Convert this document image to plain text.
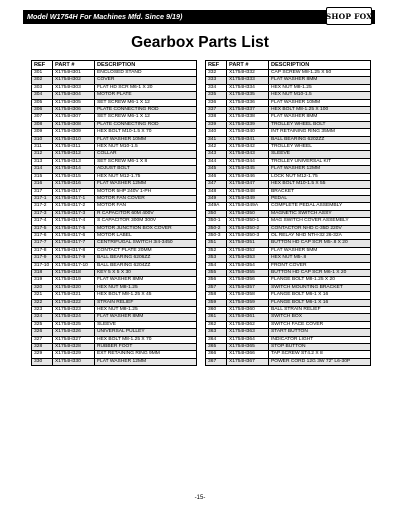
Model W1754H For Machines Mfd. Since 9/19)	SHOP FOX
Gearbox Parts List
REF	PART #	DESCRIPTION
301	X1754H301	ENCLOSED STAND
302	X1754H302	COVER
303	X1754H303	FLAT HD SCR M6-1 X 20
304	X1754H304	MOTOR PLATE
305	X1754H305	SET SCREW M6-1 X 12
306	X1754H306	PLATE CONNECTING ROD
307	X1754H307	SET SCREW M6-1 X 12
308	X1754H308	PLATE CONNECTING ROD
309	X1754H309	HEX BOLT M10-1.5 X 70
310	X1754H310	FLAT WASHER 10MM
311	X1754H311	HEX NUT M10-1.5
312	X1754H312	COLLAR
313	X1754H313	SET SCREW M6-1 X 8
314	X1754H314	ADJUST BOLT
315	X1754H315	HEX NUT M12-1.75
316	X1754H316	FLAT WASHER 12MM
317	X1754H317	MOTOR 5HP 240V 1-PH
317-1	X1754H317-1	MOTOR FAN COVER
317-2	X1754H317-2	MOTOR FAN
317-3	X1754H317-3	R CAPACITOR 60M 400V
317-4	X1754H317-4	S CAPACITOR 300M 300V
317-5	X1754H317-5	MOTOR JUNCTION BOX COVER
317-6	X1754H317-6	MOTOR LABEL
317-7	X1754H317-7	CENTRIFUGAL SWITCH 3/4-3450
317-8	X1754H317-8	CONTACT PLATE 20MM
317-9	X1754H317-9	BALL BEARING 6206ZZ
317-10	X1754H317-10	BALL BEARING 6204ZZ
318	X1754H318	KEY 5 X 5 X 30
319	X1754H319	FLAT WASHER 8MM
320	X1754H320	HEX NUT M8-1.25
321	X1754H321	HEX BOLT M8-1.25 X 45
322	X1754H322	STRAIN RELIEF
323	X1754H323	HEX NUT M8-1.25
324	X1754H324	FLAT WASHER 8MM
325	X1754H325	SLEEVE
326	X1754H326	UNIVERSAL PULLEY
327	X1754H327	HEX BOLT M8-1.25 X 70
328	X1754H328	RUBBER FOOT
329	X1754H329	EXT RETAINING RING 9MM
330	X1754H330	FLAT WASHER 12MM
REF	PART #	DESCRIPTION
332	X1754H332	CAP SCREW M8-1.25 X 50
333	X1754H333	FLAT WASHER 8MM
334	X1754H334	HEX NUT M8-1.25
335	X1754H335	HEX NUT M10-1.5
336	X1754H336	FLAT WASHER 10MM
337	X1754H337	HEX BOLT M8-1.25 X 100
338	X1754H338	FLAT WASHER 8MM
339	X1754H339	TROLLEY WHEEL BOLT
340	X1754H340	INT RETAINING RING 35MM
341	X1754H341	BALL BEARING 6202ZZ
342	X1754H342	TROLLEY WHEEL
343	X1754H343	SLEEVE
344	X1754H344	TROLLEY UNIVERSAL KIT
345	X1754H345	FLAT WASHER 12MM
346	X1754H346	LOCK NUT M12-1.75
347	X1754H347	HEX BOLT M10-1.5 X 55
348	X1754H348	BRACKET
349	X1754H349	PEDAL
349A	X1754H349A	COMPLETE PEDAL ASSEMBLY
350	X1754H350	MAGNETIC SWITCH ASSY
350-1	X1754H350-1	MAG SWITCH COVER ASSEMBLY
350-2	X1754H350-2	CONTACTOR NHD C-35D 220V
350-3	X1754H350-3	OL RELAY NHD NTH-32 26-32A
351	X1754H351	BUTTON HD CAP SCR M5-.8 X 20
352	X1754H352	FLAT WASHER 5MM
353	X1754H353	HEX NUT M5-.8
354	X1754H354	FRONT COVER
355	X1754H355	BUTTON HD CAP SCR M6-1 X 20
356	X1754H356	FLANGE BOLT M8-1.25 X 20
357	X1754H357	SWITCH MOUNTING BRACKET
358	X1754H358	FLANGE BOLT M6-1 X 16
359	X1754H359	FLANGE BOLT M6-1 X 16
360	X1754H360	BALL STRAIN RELIEF
361	X1754H361	SWITCH BOX
362	X1754H362	SWITCH FACE COVER
363	X1754H363	START BUTTON
364	X1754H364	INDICATOR LIGHT
365	X1754H365	STOP BUTTON
366	X1754H366	TAP SCREW ST4.2 X 8
367	X1754H367	POWER CORD 12G 3W 72" L6-30P
-15-
